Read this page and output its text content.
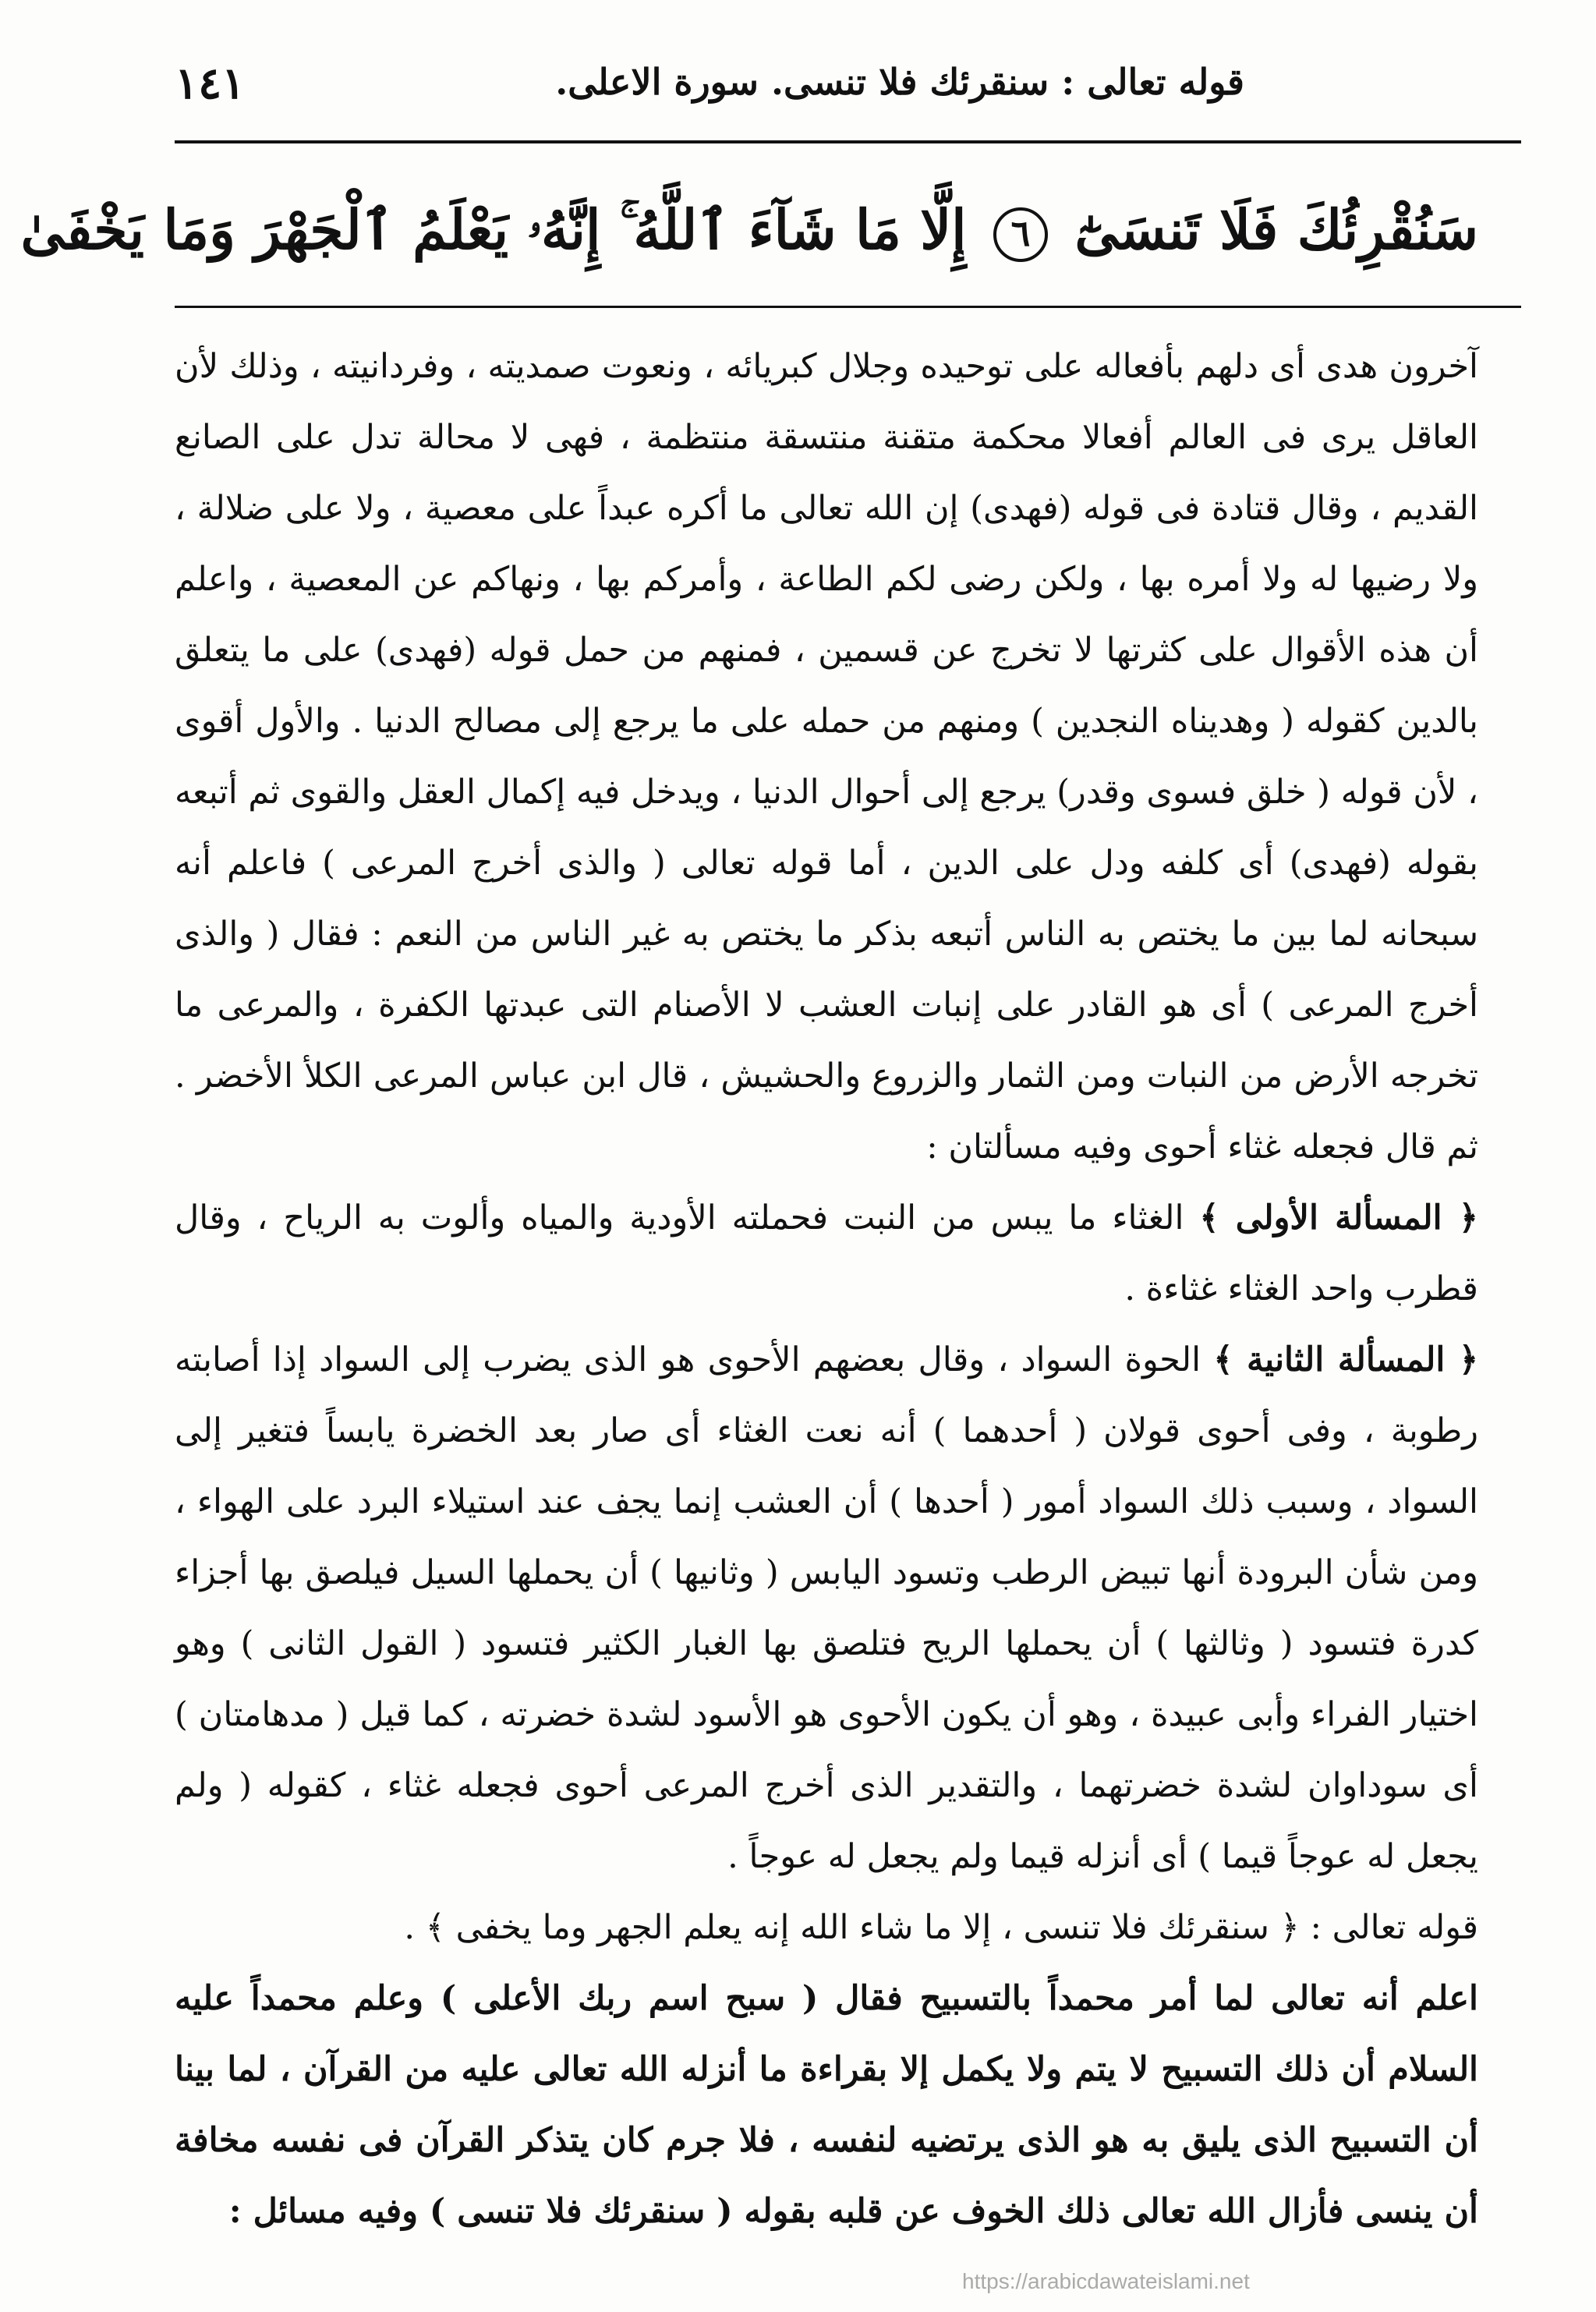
قوله تعالى : سنقرئك فلا تنسى. سورة الاعلى.
١٤١
سَنُقْرِئُكَ فَلَا تَنسَىٰٓ ٦ إِلَّا مَا شَآءَ ٱللَّهُ ۚ إِنَّهُۥ يَعْلَمُ ٱلْجَهْرَ وَمَا يَخْفَىٰ

آخرون هدى أى دلهم بأفعاله على توحيده وجلال كبريائه ، ونعوت صمديته ، وفردانيته ، وذلك لأن العاقل يرى فى العالم أفعالا محكمة متقنة منتسقة منتظمة ، فهى لا محالة تدل على الصانع القديم ، وقال قتادة فى قوله (فهدى) إن الله تعالى ما أكره عبداً على معصية ، ولا على ضلالة ، ولا رضيها له ولا أمره بها ، ولكن رضى لكم الطاعة ، وأمركم بها ، ونهاكم عن المعصية ، واعلم أن هذه الأقوال على كثرتها لا تخرج عن قسمين ، فمنهم من حمل قوله (فهدى) على ما يتعلق بالدين كقوله ( وهديناه النجدين ) ومنهم من حمله على ما يرجع إلى مصالح الدنيا . والأول أقوى ، لأن قوله ( خلق فسوى وقدر) يرجع إلى أحوال الدنيا ، ويدخل فيه إكمال العقل والقوى ثم أتبعه بقوله (فهدى) أى كلفه ودل على الدين ، أما قوله تعالى ( والذى أخرج المرعى ) فاعلم أنه سبحانه لما بين ما يختص به الناس أتبعه بذكر ما يختص به غير الناس من النعم : فقال ( والذى أخرج المرعى ) أى هو القادر على إنبات العشب لا الأصنام التى عبدتها الكفرة ، والمرعى ما تخرجه الأرض من النبات ومن الثمار والزروع والحشيش ، قال ابن عباس المرعى الكلأ الأخضر . ثم قال فجعله غثاء أحوى وفيه مسألتان :

﴿ المسألة الأولى ﴾ الغثاء ما يبس من النبت فحملته الأودية والمياه وألوت به الرياح ، وقال قطرب واحد الغثاء غثاءة .

﴿ المسألة الثانية ﴾ الحوة السواد ، وقال بعضهم الأحوى هو الذى يضرب إلى السواد إذا أصابته رطوبة ، وفى أحوى قولان ( أحدهما ) أنه نعت الغثاء أى صار بعد الخضرة يابساً فتغير إلى السواد ، وسبب ذلك السواد أمور ( أحدها ) أن العشب إنما يجف عند استيلاء البرد على الهواء ، ومن شأن البرودة أنها تبيض الرطب وتسود اليابس ( وثانيها ) أن يحملها السيل فيلصق بها أجزاء كدرة فتسود ( وثالثها ) أن يحملها الريح فتلصق بها الغبار الكثير فتسود ( القول الثانى ) وهو اختيار الفراء وأبى عبيدة ، وهو أن يكون الأحوى هو الأسود لشدة خضرته ، كما قيل ( مدهامتان ) أى سوداوان لشدة خضرتهما ، والتقدير الذى أخرج المرعى أحوى فجعله غثاء ، كقوله ( ولم يجعل له عوجاً قيما ) أى أنزله قيما ولم يجعل له عوجاً .

قوله تعالى : ﴿ سنقرئك فلا تنسى ، إلا ما شاء الله إنه يعلم الجهر وما يخفى ﴾ .

اعلم أنه تعالى لما أمر محمداً بالتسبيح فقال ( سبح اسم ربك الأعلى ) وعلم محمداً عليه السلام أن ذلك التسبيح لا يتم ولا يكمل إلا بقراءة ما أنزله الله تعالى عليه من القرآن ، لما بينا أن التسبيح الذى يليق به هو الذى يرتضيه لنفسه ، فلا جرم كان يتذكر القرآن فى نفسه مخافة أن ينسى فأزال الله تعالى ذلك الخوف عن قلبه بقوله ( سنقرئك فلا تنسى ) وفيه مسائل :

https://arabicdawateislami.net
